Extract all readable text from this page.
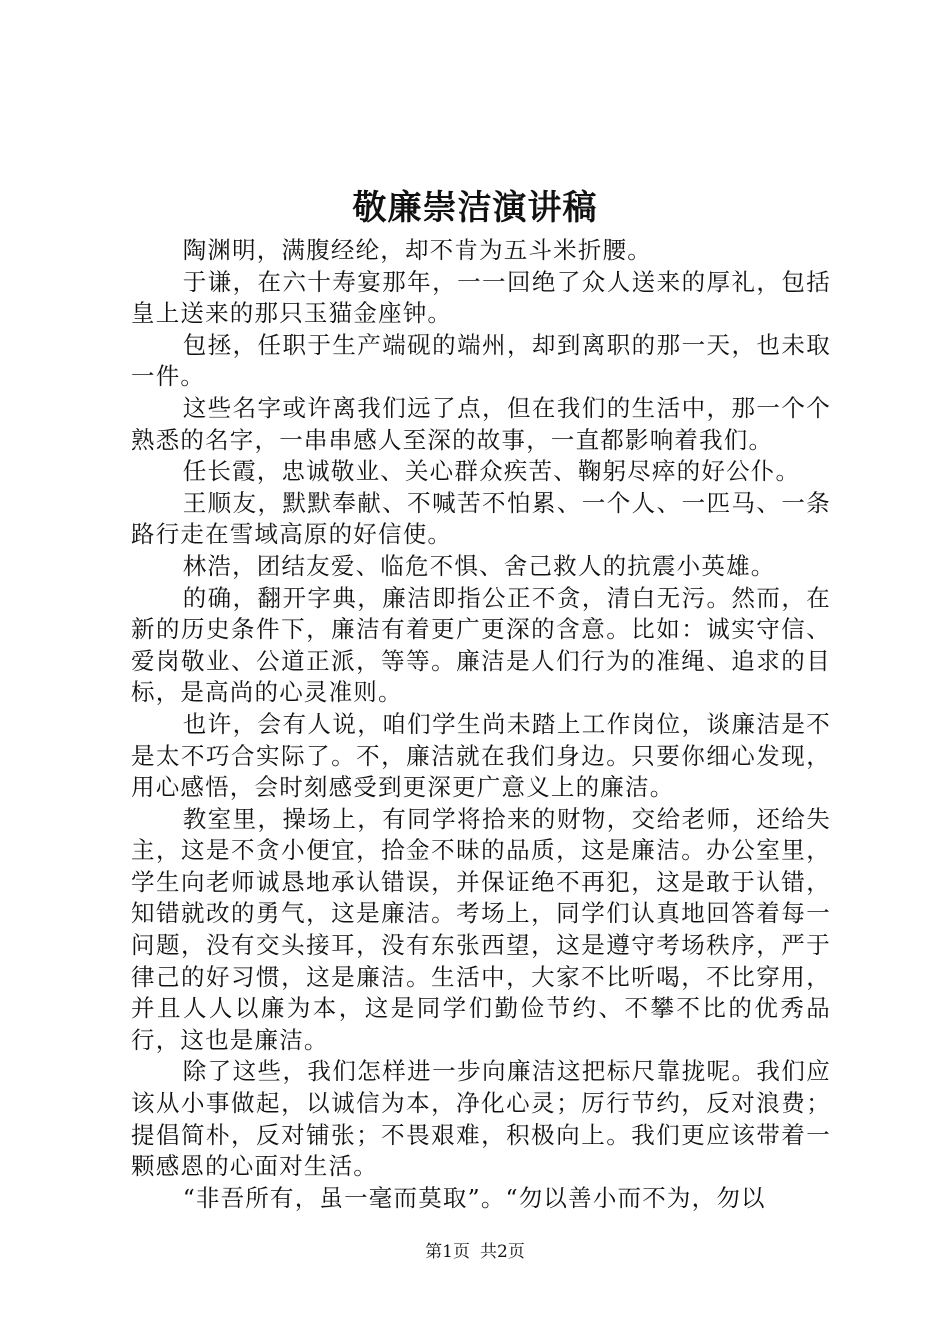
敬廉崇洁演讲稿

陶渊明，满腹经纶，却不肯为五斗米折腰。

于谦，在六十寿宴那年，一一回绝了众人送来的厚礼，包括皇上送来的那只玉猫金座钟。

包拯，任职于生产端砚的端州，却到离职的那一天，也未取一件。

这些名字或许离我们远了点，但在我们的生活中，那一个个熟悉的名字，一串串感人至深的故事，一直都影响着我们。

任长霞，忠诚敬业、关心群众疾苦、鞠躬尽瘁的好公仆。

王顺友，默默奉献、不喊苦不怕累、一个人、一匹马、一条路行走在雪域高原的好信使。

林浩，团结友爱、临危不惧、舍己救人的抗震小英雄。

的确，翻开字典，廉洁即指公正不贪，清白无污。然而，在新的历史条件下，廉洁有着更广更深的含意。比如：诚实守信、爱岗敬业、公道正派，等等。廉洁是人们行为的准绳、追求的目标，是高尚的心灵准则。

也许，会有人说，咱们学生尚未踏上工作岗位，谈廉洁是不是太不巧合实际了。不，廉洁就在我们身边。只要你细心发现，用心感悟，会时刻感受到更深更广意义上的廉洁。

教室里，操场上，有同学将拾来的财物，交给老师，还给失主，这是不贪小便宜，拾金不昧的品质，这是廉洁。办公室里，学生向老师诚恳地承认错误，并保证绝不再犯，这是敢于认错，知错就改的勇气，这是廉洁。考场上，同学们认真地回答着每一问题，没有交头接耳，没有东张西望，这是遵守考场秩序，严于律己的好习惯，这是廉洁。生活中，大家不比听喝，不比穿用，并且人人以廉为本，这是同学们勤俭节约、不攀不比的优秀品行，这也是廉洁。

除了这些，我们怎样进一步向廉洁这把标尺靠拢呢。我们应该从小事做起，以诚信为本，净化心灵；厉行节约，反对浪费；提倡简朴，反对铺张；不畏艰难，积极向上。我们更应该带着一颗感恩的心面对生活。

“非吾所有，虽一毫而莫取”。“勿以善小而不为，勿以

第1页 共2页
